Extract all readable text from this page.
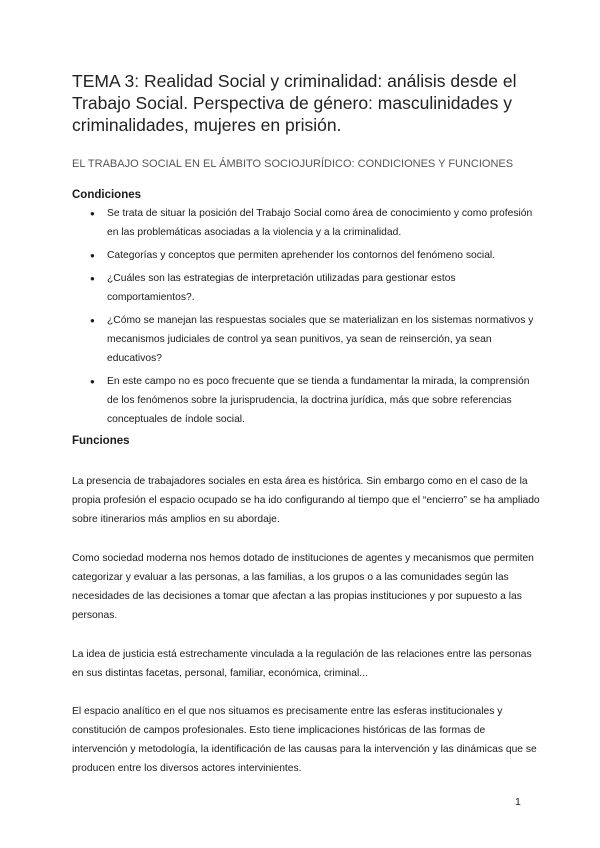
TEMA 3: Realidad Social y criminalidad: análisis desde el Trabajo Social. Perspectiva de género: masculinidades y criminalidades, mujeres en prisión.
EL TRABAJO SOCIAL EN EL ÁMBITO SOCIOJURÍDICO: CONDICIONES Y FUNCIONES
Condiciones
● Se trata de situar la posición del Trabajo Social como área de conocimiento y como profesión en las problemáticas asociadas a la violencia y a la criminalidad.
● Categorías y conceptos que permiten aprehender los contornos del fenómeno social.
● ¿Cuáles son las estrategias de interpretación utilizadas para gestionar estos comportamientos?.
● ¿Cómo se manejan las respuestas sociales que se materializan en los sistemas normativos y mecanismos judiciales de control ya sean punitivos, ya sean de reinserción, ya sean educativos?
● En este campo no es poco frecuente que se tienda a fundamentar la mirada, la comprensión de los fenómenos sobre la jurisprudencia, la doctrina jurídica, más que sobre referencias conceptuales de índole social.
Funciones

La presencia de trabajadores sociales en esta área es histórica. Sin embargo como en el caso de la propia profesión el espacio ocupado se ha ido configurando al tiempo que el “encierro” se ha ampliado sobre itinerarios más amplios en su abordaje.

Como sociedad moderna nos hemos dotado de instituciones de agentes y mecanismos que permiten categorizar y evaluar a las personas, a las familias, a los grupos o a las comunidades según las necesidades de las decisiones a tomar que afectan a las propias instituciones y por supuesto a las personas.

La idea de justicia está estrechamente vinculada a la regulación de las relaciones entre las personas en sus distintas facetas, personal, familiar, económica, criminal...

El espacio analítico en el que nos situamos es precisamente entre las esferas institucionales y constitución de campos profesionales. Esto tiene implicaciones históricas de las formas de intervención y metodología, la identificación de las causas para la intervención y las dinámicas que se producen entre los diversos actores intervinientes.

1
